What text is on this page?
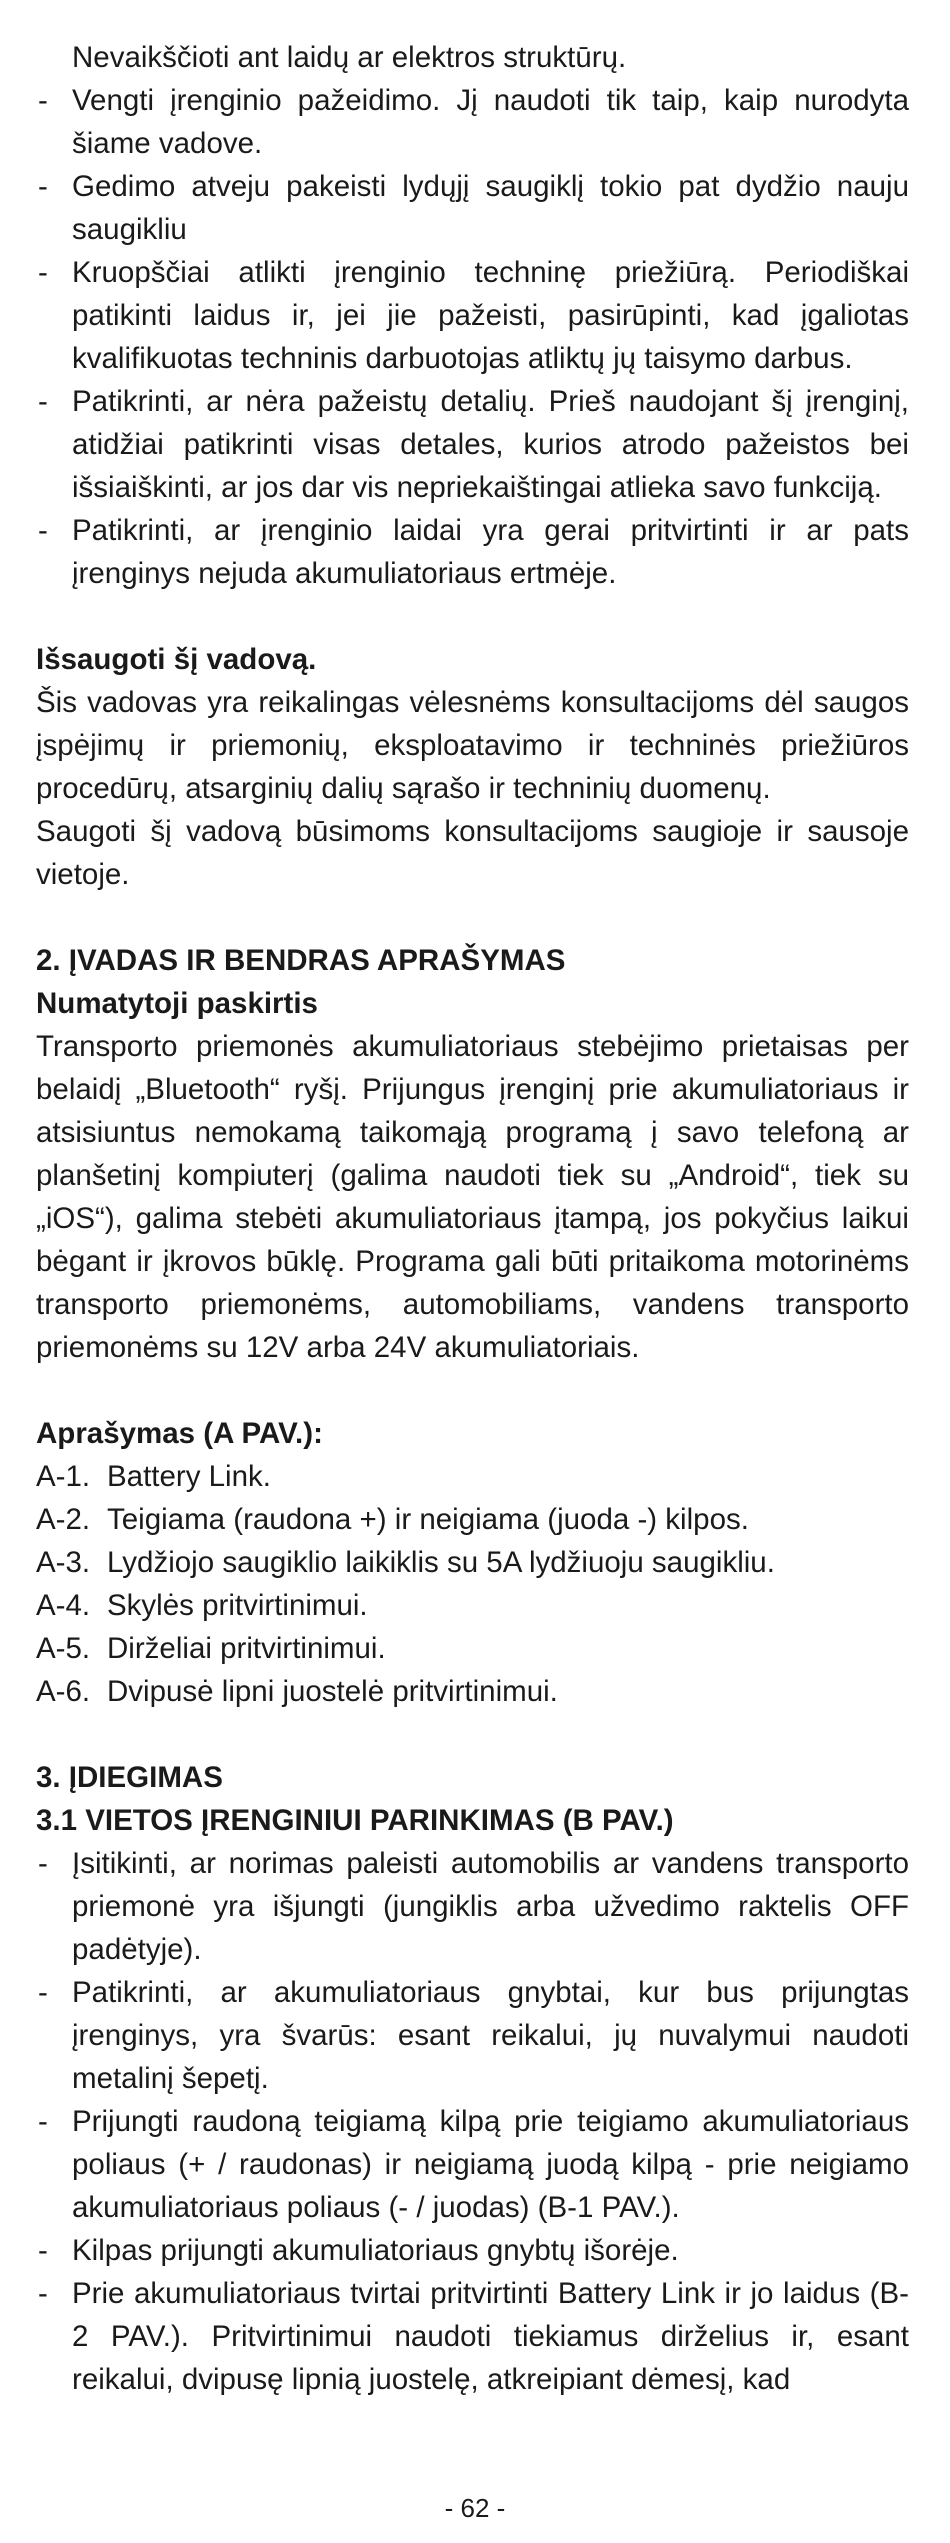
Nevaikščioti ant laidų ar elektros struktūrų.

- Vengti įrenginio pažeidimo. Jį naudoti tik taip, kaip nurodyta šiame vadove.
- Gedimo atveju pakeisti lydųjį saugiklį tokio pat dydžio nauju saugikliu
- Kruopščiai atlikti įrenginio techninę priežiūrą. Periodiškai patikinti laidus ir, jei jie pažeisti, pasirūpinti, kad įgaliotas kvalifikuotas techninis darbuotojas atliktų jų taisymo darbus.
- Patikrinti, ar nėra pažeistų detalių. Prieš naudojant šį įrenginį, atidžiai patikrinti visas detales, kurios atrodo pažeistos bei išsiaiškinti, ar jos dar vis nepriekaištingai atlieka savo funkciją.
- Patikrinti, ar įrenginio laidai yra gerai pritvirtinti ir ar pats įrenginys nejuda akumuliatoriaus ertmėje.

Išsaugoti šį vadovą.

Šis vadovas yra reikalingas vėlesnėms konsultacijoms dėl saugos įspėjimų ir priemonių, eksploatavimo ir techninės priežiūros procedūrų, atsarginių dalių sąrašo ir techninių duomenų.

Saugoti šį vadovą būsimoms konsultacijoms saugioje ir sausoje vietoje.

2. ĮVADAS IR BENDRAS APRAŠYMAS

Numatytoji paskirtis

Transporto priemonės akumuliatoriaus stebėjimo prietaisas per belaidį „Bluetooth“ ryšį. Prijungus įrenginį prie akumuliatoriaus ir atsisiuntus nemokamą taikomąją programą į savo telefoną ar planšetinį kompiuterį (galima naudoti tiek su „Android“, tiek su „iOS“), galima stebėti akumuliatoriaus įtampą, jos pokyčius laikui bėgant ir įkrovos būklę. Programa gali būti pritaikoma motorinėms transporto priemonėms, automobiliams, vandens transporto priemonėms su 12V arba 24V akumuliatoriais.

Aprašymas (A PAV.):

A-1. Battery Link.
A-2. Teigiama (raudona +) ir neigiama (juoda -) kilpos.
A-3. Lydžiojo saugiklio laikiklis su 5A lydžiuoju saugikliu.
A-4. Skylės pritvirtinimui.
A-5. Dirželiai pritvirtinimui.
A-6. Dvipusė lipni juostelė pritvirtinimui.

3. ĮDIEGIMAS

3.1 VIETOS ĮRENGINIUI PARINKIMAS (B PAV.)

- Įsitikinti, ar norimas paleisti automobilis ar vandens transporto priemonė yra išjungti (jungiklis arba užvedimo raktelis OFF padėtyje).
- Patikrinti, ar akumuliatoriaus gnybtai, kur bus prijungtas įrenginys, yra švarūs: esant reikalui, jų nuvalymui naudoti metalinį šepetį.
- Prijungti raudoną teigiamą kilpą prie teigiamo akumuliatoriaus poliaus (+ / raudonas) ir neigiamą juodą kilpą - prie neigiamo akumuliatoriaus poliaus (- / juodas) (B-1 PAV.).
- Kilpas prijungti akumuliatoriaus gnybtų išorėje.
- Prie akumuliatoriaus tvirtai pritvirtinti Battery Link ir jo laidus (B-2 PAV.). Pritvirtinimui naudoti tiekiamus dirželius ir, esant reikalui, dvipusę lipnią juostelę, atkreipiant dėmesį, kad
- 62 -
